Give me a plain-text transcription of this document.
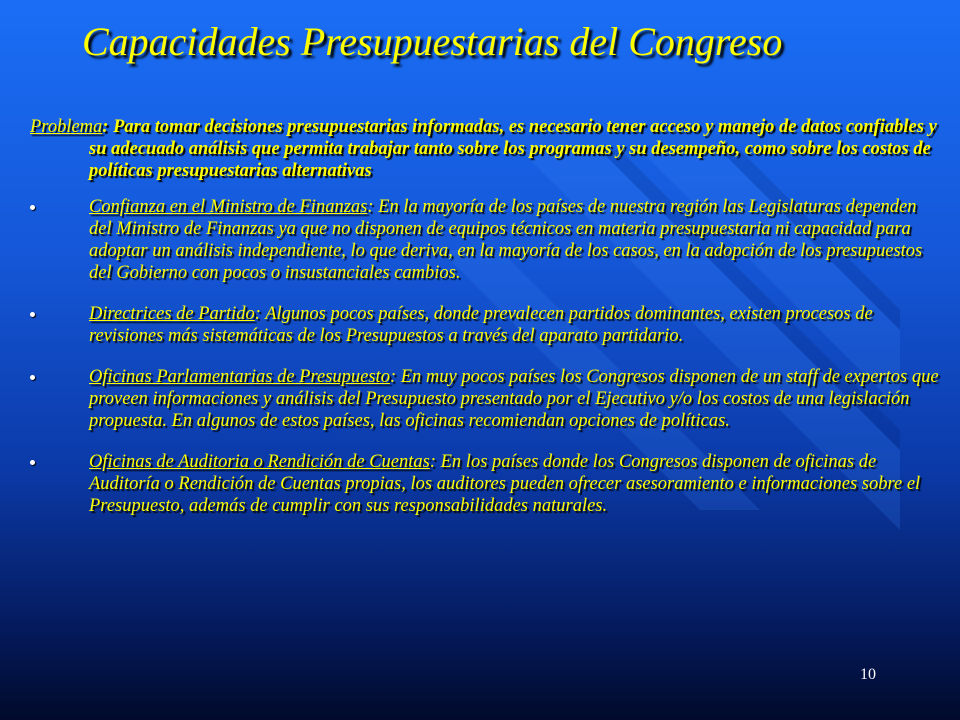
Capacidades Presupuestarias del Congreso

Problema: Para tomar decisiones presupuestarias informadas, es necesario tener acceso y manejo de datos confiables y su adecuado análisis que permita trabajar tanto sobre los programas y su desempeño, como sobre los costos de políticas presupuestarias alternativas

Confianza en el Ministro de Finanzas: En la mayoría de los países de nuestra región las Legislaturas dependen del Ministro de Finanzas ya que no disponen de equipos técnicos en materia presupuestaria ni capacidad para adoptar un análisis independiente, lo que deriva, en la mayoría de los casos, en la adopción de los presupuestos del Gobierno con pocos o insustanciales cambios.
Directrices de Partido: Algunos pocos países, donde prevalecen partidos dominantes, existen procesos de revisiones más sistemáticas de los Presupuestos a través del aparato partidario.
Oficinas Parlamentarias de Presupuesto: En muy pocos países los Congresos disponen de un staff de expertos que proveen informaciones y análisis del Presupuesto presentado por el Ejecutivo y/o los costos de una legislación propuesta. En algunos de estos países, las oficinas recomiendan opciones de políticas.
Oficinas de Auditoria o Rendición de Cuentas: En los países donde los Congresos disponen de oficinas de Auditoría o Rendición de Cuentas propias, los auditores pueden ofrecer asesoramiento e informaciones sobre el Presupuesto, además de cumplir con sus responsabilidades naturales.
10
